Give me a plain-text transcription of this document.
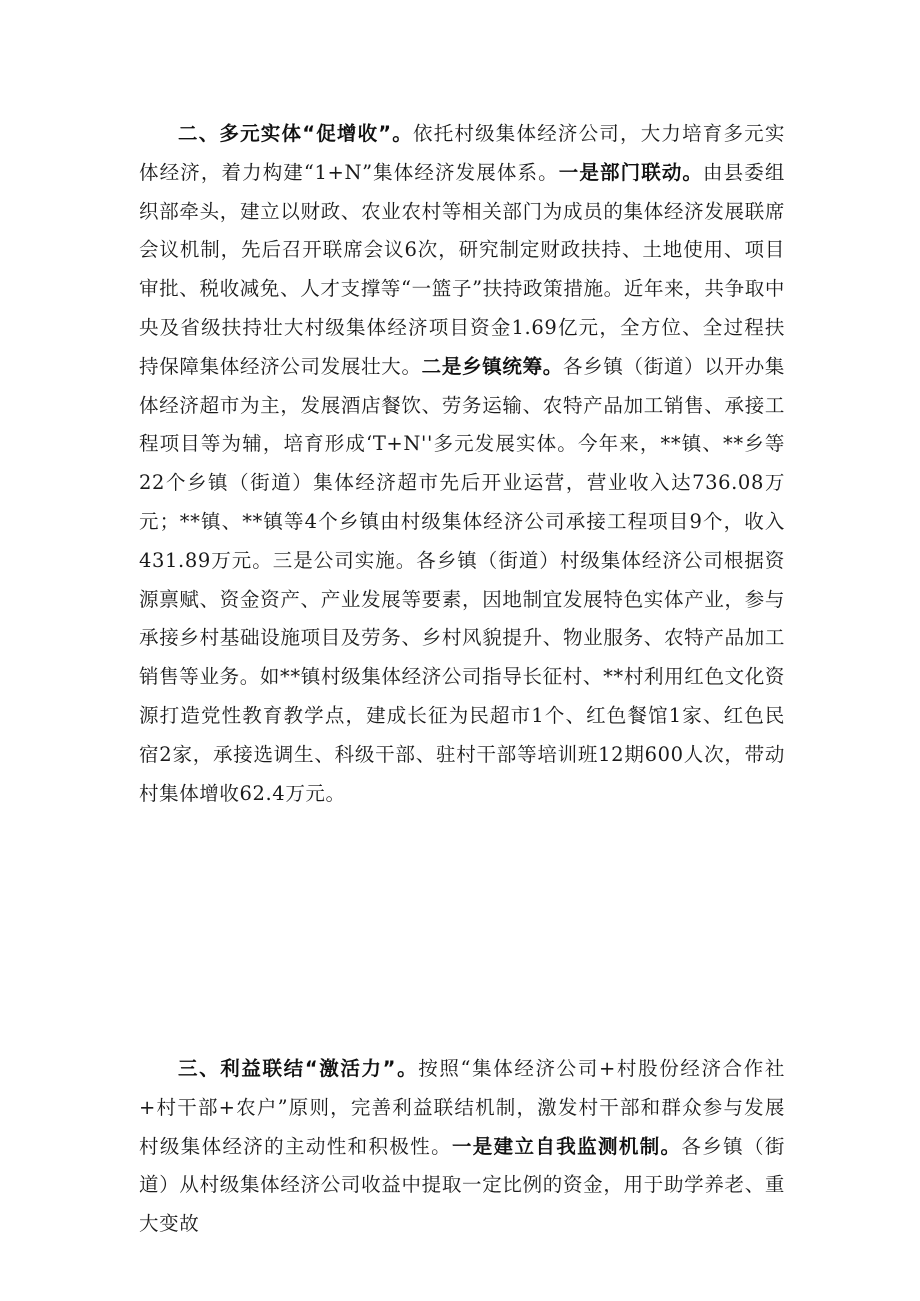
二、多元实体“促增收”。依托村级集体经济公司，大力培育多元实体经济，着力构建“1+N”集体经济发展体系。一是部门联动。由县委组织部牵头，建立以财政、农业农村等相关部门为成员的集体经济发展联席会议机制，先后召开联席会议6次，研究制定财政扶持、土地使用、项目审批、税收减免、人才支撑等“一篮子”扶持政策措施。近年来，共争取中央及省级扶持壮大村级集体经济项目资金1.69亿元，全方位、全过程扶持保障集体经济公司发展壮大。二是乡镇统筹。各乡镇（街道）以开办集体经济超市为主，发展酒店餐饮、劳务运输、农特产品加工销售、承接工程项目等为辅，培育形成‘T+N''多元发展实体。今年来，**镇、**乡等22个乡镇（街道）集体经济超市先后开业运营，营业收入达736.08万元；**镇、**镇等4个乡镇由村级集体经济公司承接工程项目9个，收入431.89万元。三是公司实施。各乡镇（街道）村级集体经济公司根据资源禀赋、资金资产、产业发展等要素，因地制宜发展特色实体产业，参与承接乡村基础设施项目及劳务、乡村风貌提升、物业服务、农特产品加工销售等业务。如**镇村级集体经济公司指导长征村、**村利用红色文化资源打造党性教育教学点，建成长征为民超市1个、红色餐馆1家、红色民宿2家，承接选调生、科级干部、驻村干部等培训班12期600人次，带动村集体增收62.4万元。

三、利益联结“激活力”。按照“集体经济公司+村股份经济合作社+村干部+农户”原则，完善利益联结机制，激发村干部和群众参与发展村级集体经济的主动性和积极性。一是建立自我监测机制。各乡镇（街道）从村级集体经济公司收益中提取一定比例的资金，用于助学养老、重大变故
